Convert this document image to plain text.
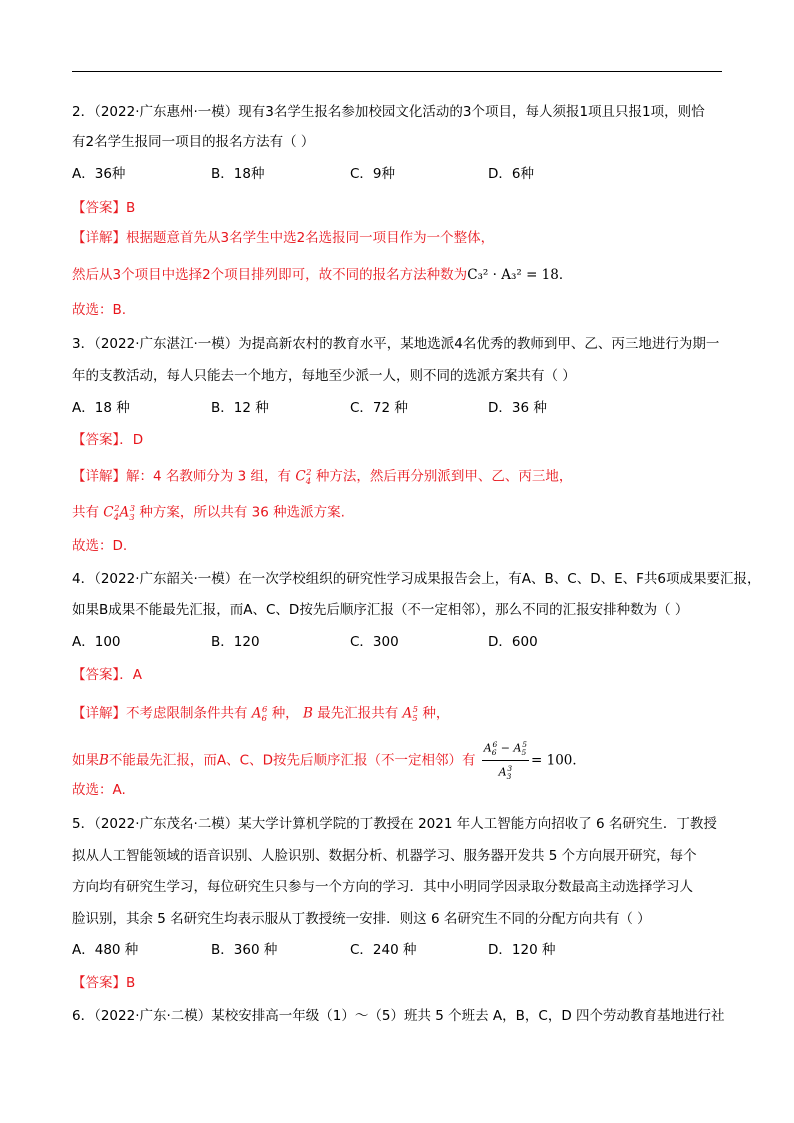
2．（2022·广东惠州·一模）现有3名学生报名参加校园文化活动的3个项目，每人须报1项且只报1项，则恰
有2名学生报同一项目的报名方法有（ ）
A．36种	B．18种	C．9种	D．6种
【答案】B
【详解】根据题意首先从3名学生中选2名选报同一项目作为一个整体，
然后从3个项目中选择2个项目排列即可，故不同的报名方法种数为C₃² · A₃² = 18．
故选：B.
3．（2022·广东湛江·一模）为提高新农村的教育水平，某地选派4名优秀的教师到甲、乙、丙三地进行为期一
年的支教活动，每人只能去一个地方，每地至少派一人，则不同的选派方案共有（ ）
A．18 种	B．12 种	C．72 种	D．36 种
【答案】．D
【详解】解：4 名教师分为 3 组，有 $C_4^2$ 种方法，然后再分别派到甲、乙、丙三地，
共有 $C_4^2A_3^3$ 种方案，所以共有 36 种选派方案.
故选：D.
4．（2022·广东韶关·一模）在一次学校组织的研究性学习成果报告会上，有A、B、C、D、E、F共6项成果要汇报，
如果B成果不能最先汇报，而A、C、D按先后顺序汇报（不一定相邻），那么不同的汇报安排种数为（ ）
A．100	B．120	C．300	D．600
【答案】．A
【详解】不考虑限制条件共有 $A_6^6$ 种， B 最先汇报共有 $A_5^5$ 种，
如果B不能最先汇报，而A、C、D按先后顺序汇报（不一定相邻）有 $\frac{A_6^6 - A_5^5}{A_3^3} = 100$．
故选：A.
5．（2022·广东茂名·二模）某大学计算机学院的丁教授在 2021 年人工智能方向招收了 6 名研究生．丁教授
拟从人工智能领域的语音识别、人脸识别、数据分析、机器学习、服务器开发共 5 个方向展开研究，每个
方向均有研究生学习，每位研究生只参与一个方向的学习．其中小明同学因录取分数最高主动选择学习人
脸识别，其余 5 名研究生均表示服从丁教授统一安排．则这 6 名研究生不同的分配方向共有（ ）
A．480 种	B．360 种	C．240 种	D．120 种
【答案】B
6．（2022·广东·二模）某校安排高一年级（1）～（5）班共 5 个班去 A，B，C，D 四个劳动教育基地进行社
